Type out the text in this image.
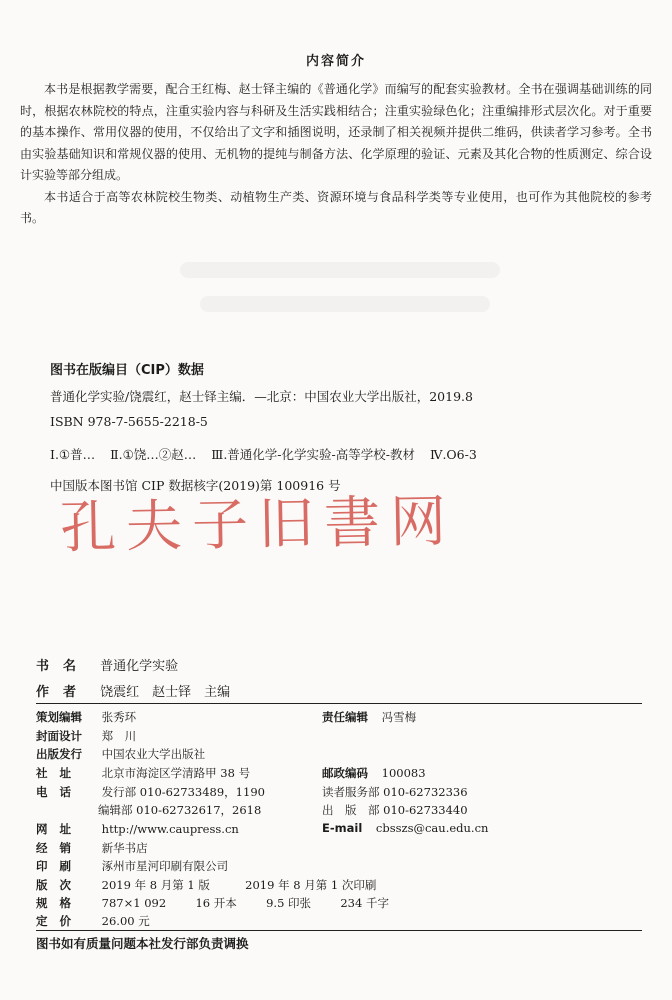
内容简介

本书是根据教学需要，配合王红梅、赵士铎主编的《普通化学》而编写的配套实验教材。全书在强调基础训练的同时，根据农林院校的特点，注重实验内容与科研及生活实践相结合；注重实验绿色化；注重编排形式层次化。对于重要的基本操作、常用仪器的使用，不仅给出了文字和插图说明，还录制了相关视频并提供二维码，供读者学习参考。全书由实验基础知识和常规仪器的使用、无机物的提纯与制备方法、化学原理的验证、元素及其化合物的性质测定、综合设计实验等部分组成。

本书适合于高等农林院校生物类、动植物生产类、资源环境与食品科学类等专业使用，也可作为其他院校的参考书。

图书在版编目（CIP）数据
普通化学实验/饶震红，赵士铎主编．—北京：中国农业大学出版社，2019.8
ISBN 978-7-5655-2218-5
Ⅰ.①普… Ⅱ.①饶…②赵… Ⅲ.普通化学-化学实验-高等学校-教材 Ⅳ.O6-3
中国版本图书馆 CIP 数据核字(2019)第 100916 号
孔夫子旧書网
书名 普通化学实验
作者 饶震红　赵士铎　主编
策划编辑 张秀环	责任编辑 冯雪梅
封面设计 郑　川
出版发行 中国农业大学出版社
社址 北京市海淀区学清路甲 38 号	邮政编码 100083
电话 发行部 010-62733489，1190	读者服务部 010-62732336
编辑部 010-62732617，2618	出　版　部 010-62733440
网址 http://www.caupress.cn	E-mail cbsszs@cau.edu.cn
经销 新华书店
印刷 涿州市星河印刷有限公司
版次 2019 年 8 月第 1 版	2019 年 8 月第 1 次印刷
规格 787×1 092	16 开本	9.5 印张	234 千字
定价 26.00 元
图书如有质量问题本社发行部负责调换
